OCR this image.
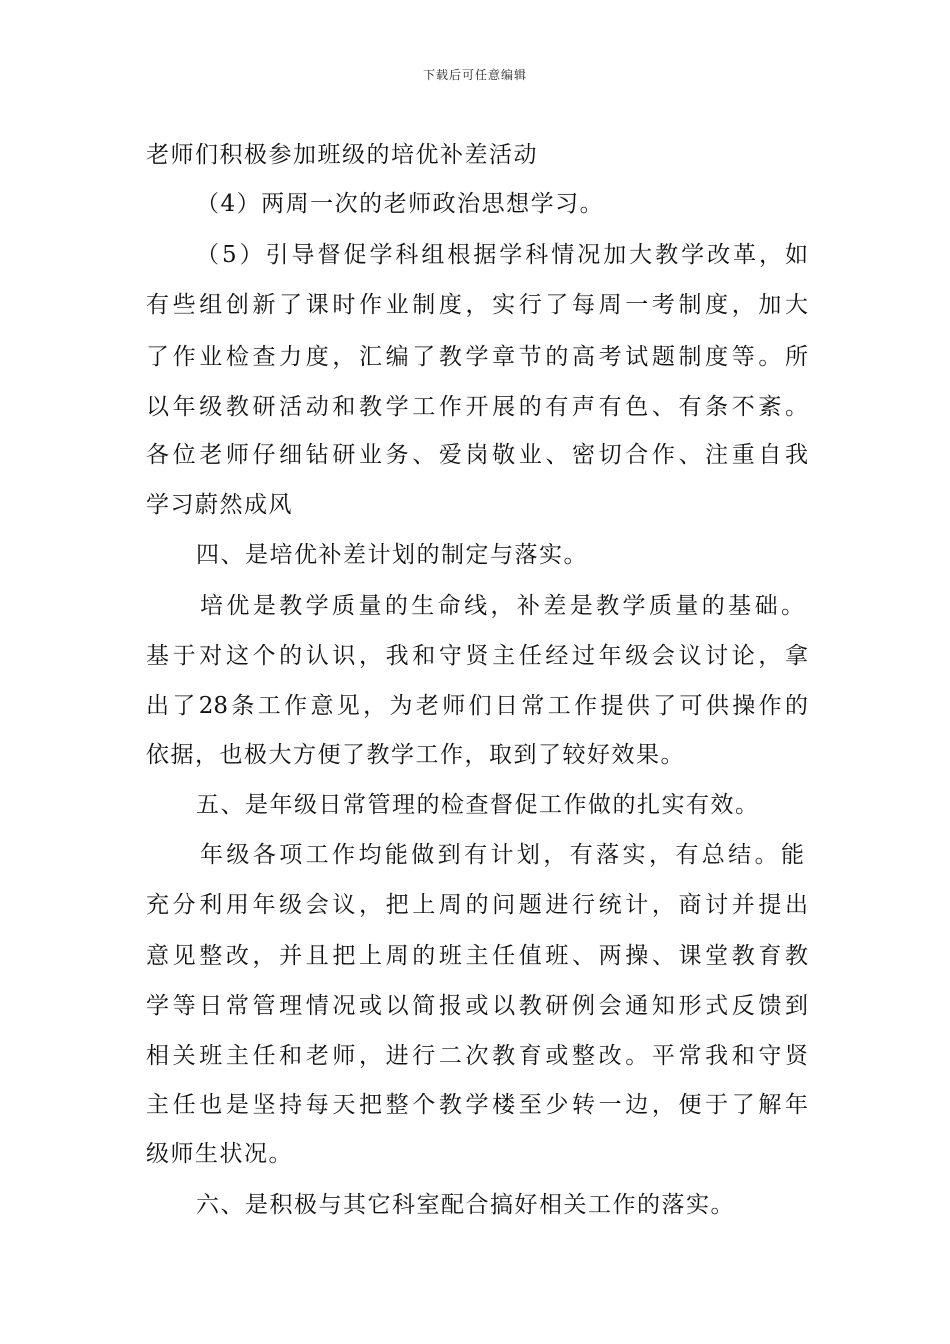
下载后可任意编辑
老师们积极参加班级的培优补差活动
（4）两周一次的老师政治思想学习。
（5）引导督促学科组根据学科情况加大教学改革，如
有些组创新了课时作业制度，实行了每周一考制度，加大
了作业检查力度，汇编了教学章节的高考试题制度等。所
以年级教研活动和教学工作开展的有声有色、有条不紊。
各位老师仔细钻研业务、爱岗敬业、密切合作、注重自我
学习蔚然成风
四、是培优补差计划的制定与落实。
培优是教学质量的生命线，补差是教学质量的基础。
基于对这个的认识，我和守贤主任经过年级会议讨论，拿
出了28条工作意见，为老师们日常工作提供了可供操作的
依据，也极大方便了教学工作，取到了较好效果。
五、是年级日常管理的检查督促工作做的扎实有效。
年级各项工作均能做到有计划，有落实，有总结。能
充分利用年级会议，把上周的问题进行统计，商讨并提出
意见整改，并且把上周的班主任值班、两操、课堂教育教
学等日常管理情况或以简报或以教研例会通知形式反馈到
相关班主任和老师，进行二次教育或整改。平常我和守贤
主任也是坚持每天把整个教学楼至少转一边，便于了解年
级师生状况。
六、是积极与其它科室配合搞好相关工作的落实。
